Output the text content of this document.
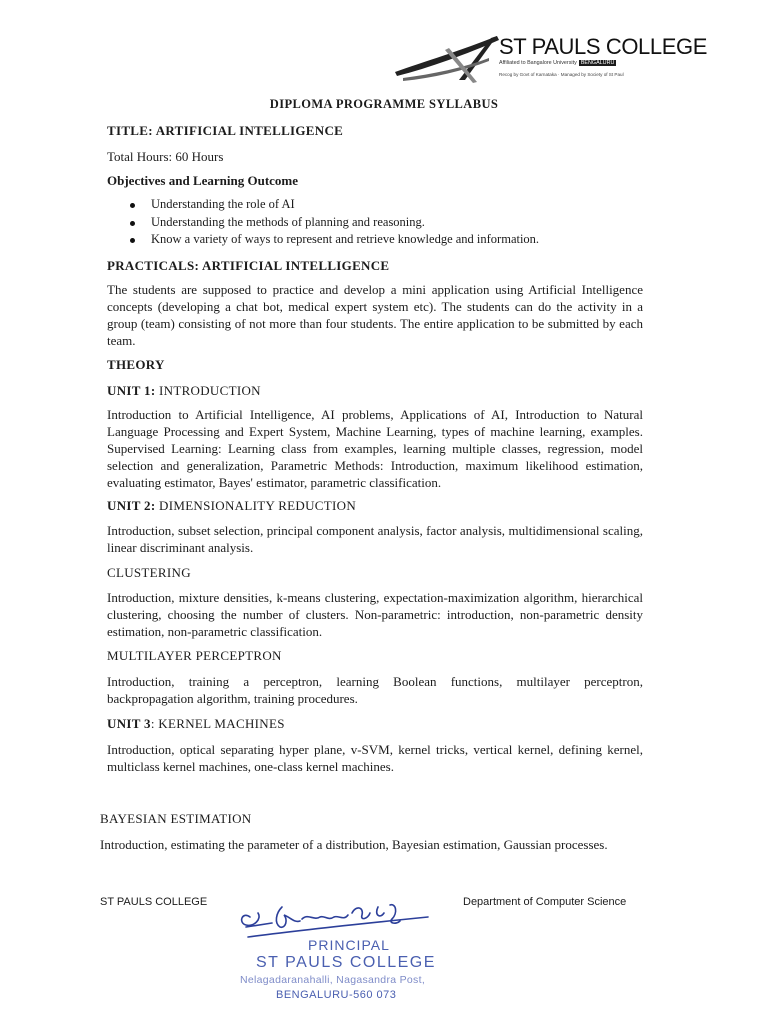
ST PAULS COLLEGE
Affiliated to Bangalore University BENGALURU
Recog by Govt of Karnataka · Managed by Society of St Paul
DIPLOMA PROGRAMME SYLLABUS
TITLE: ARTIFICIAL INTELLIGENCE
Total Hours: 60 Hours
Objectives and Learning Outcome
Understanding the role of AI
Understanding the methods of planning and reasoning.
Know a variety of ways to represent and retrieve knowledge and information.
PRACTICALS: ARTIFICIAL INTELLIGENCE
The students are supposed to practice and develop a mini application using Artificial Intelligence concepts (developing a chat bot, medical expert system etc). The students can do the activity in a group (team) consisting of not more than four students. The entire application to be submitted by each team.
THEORY
UNIT 1: INTRODUCTION
Introduction to Artificial Intelligence, AI problems, Applications of AI, Introduction to Natural Language Processing and Expert System, Machine Learning, types of machine learning, examples. Supervised Learning: Learning class from examples, learning multiple classes, regression, model selection and generalization, Parametric Methods: Introduction, maximum likelihood estimation, evaluating estimator, Bayes' estimator, parametric classification.
UNIT 2: DIMENSIONALITY REDUCTION
Introduction, subset selection, principal component analysis, factor analysis, multidimensional scaling, linear discriminant analysis.
CLUSTERING
Introduction, mixture densities, k-means clustering, expectation-maximization algorithm, hierarchical clustering, choosing the number of clusters. Non-parametric: introduction, non-parametric density estimation, non-parametric classification.
MULTILAYER PERCEPTRON
Introduction, training a perceptron, learning Boolean functions, multilayer perceptron, backpropagation algorithm, training procedures.
UNIT 3: KERNEL MACHINES
Introduction, optical separating hyper plane, v-SVM, kernel tricks, vertical kernel, defining kernel, multiclass kernel machines, one-class kernel machines.
BAYESIAN ESTIMATION
Introduction, estimating the parameter of a distribution, Bayesian estimation, Gaussian processes.
ST PAULS COLLEGE	Department of Computer Science
PRINCIPAL
ST PAULS COLLEGE
Nelagadaranahalli, Nagasandra Post,
BENGALURU-560 073
